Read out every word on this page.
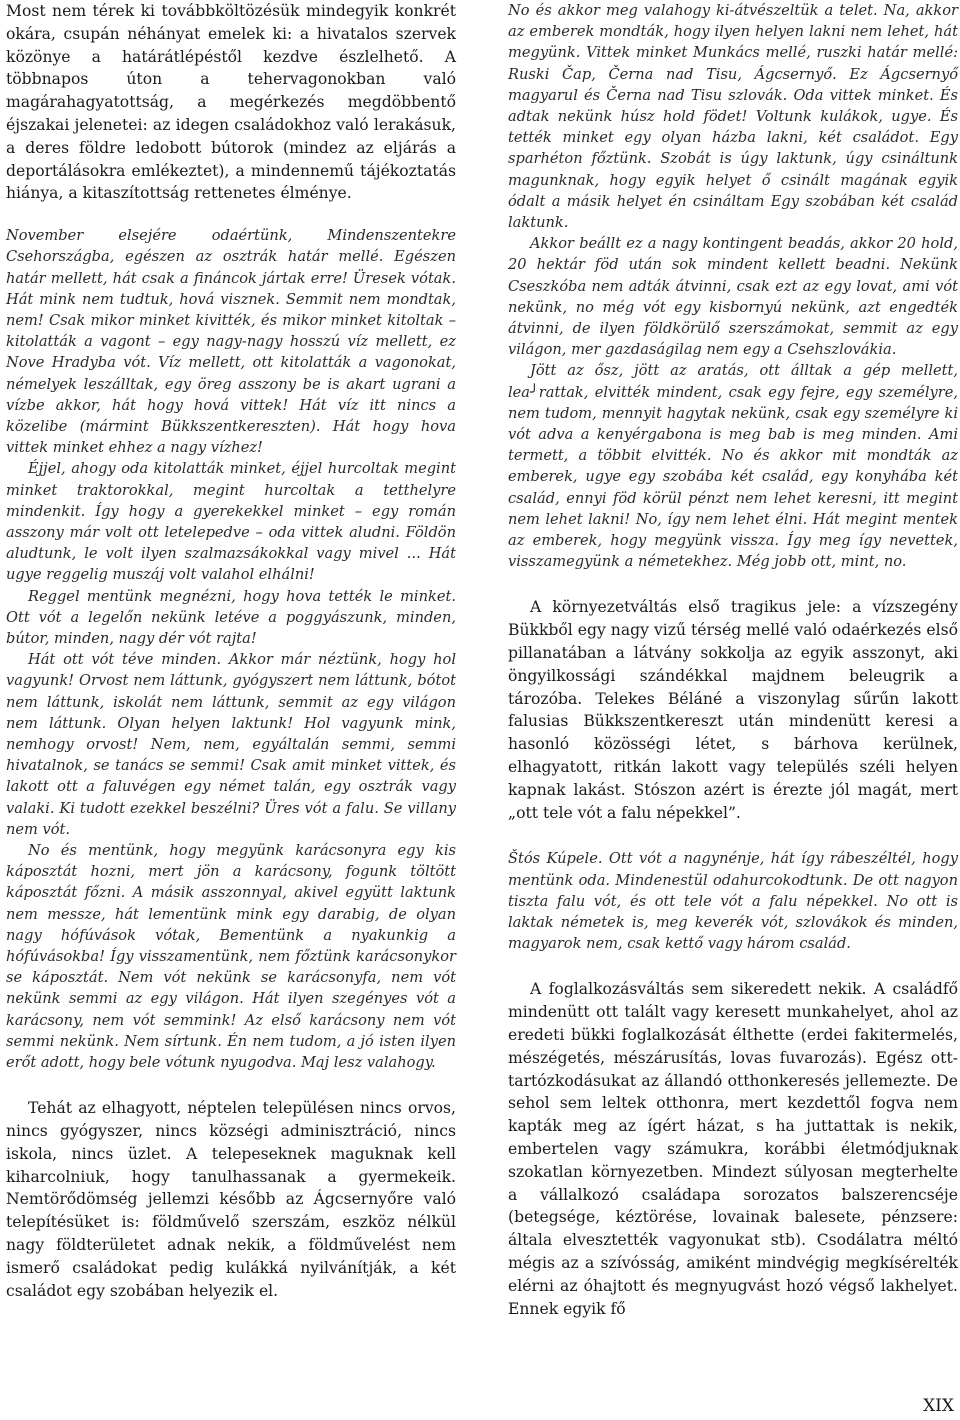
Most nem térek ki továbbköltözésük mindegyik konkrét okára, csupán néhányat emelek ki: a hivatalos szervek közönye a határátlépéstől kezdve észlelhető. A többnapos úton a tehervagonokban való magárahagyatottság, a megérkezés megdöbbentő éjszakai jelenetei: az idegen családokhoz való lerakásuk, a deres földre ledobott bútorok (mindez az eljárás a deportálásokra emlékeztet), a mindennemű tájékoztatás hiánya, a kitaszítottság rettenetes élménye.

November elsejére odaértünk, Mindenszentekre Csehországba, egészen az osztrák határ mellé. Egészen határ mellett, hát csak a fináncok jártak erre! Üresek vótak. Hát mink nem tudtuk, hová visznek. Semmit nem mondtak, nem! Csak mikor minket kivitték, és mikor minket kitoltak – kitolatták a vagont – egy nagy-nagy hosszú víz mellett, ez Nove Hradyba vót. Víz mellett, ott kitolatták a vagonokat, némelyek leszálltak, egy öreg asszony be is akart ugrani a vízbe akkor, hát hogy hová vittek! Hát víz itt nincs a közelibe (mármint Bükkszentkereszten). Hát hogy hova vittek minket ehhez a nagy vízhez!

Éjjel, ahogy oda kitolatták minket, éjjel hurcoltak megint minket traktorokkal, megint hurcoltak a tetthelyre mindenkit. Így hogy a gyerekekkel minket – egy román asszony már volt ott letelepedve – oda vittek aludni. Földön aludtunk, le volt ilyen szalmazsákokkal vagy mivel ... Hát ugye reggelig muszáj volt valahol elhálni!

Reggel mentünk megnézni, hogy hova tették le minket. Ott vót a legelőn nekünk letéve a poggyászunk, minden, bútor, minden, nagy dér vót rajta!

Hát ott vót téve minden. Akkor már néztünk, hogy hol vagyunk! Orvost nem láttunk, gyógyszert nem láttunk, bótot nem láttunk, iskolát nem láttunk, semmit az egy világon nem láttunk. Olyan helyen laktunk! Hol vagyunk mink, nemhogy orvost! Nem, nem, egyáltalán semmi, semmi hivatalnok, se tanács se semmi! Csak amit minket vittek, és lakott ott a faluvégen egy német talán, egy osztrák vagy valaki. Ki tudott ezekkel beszélni? Üres vót a falu. Se villany nem vót.

No és mentünk, hogy megyünk karácsonyra egy kis káposztát hozni, mert jön a karácsony, fogunk töltött káposztát főzni. A másik asszonnyal, akivel együtt laktunk nem messze, hát lementünk mink egy darabig, de olyan nagy hófúvások vótak, Bementünk a nyakunkig a hófúvásokba! Így visszamentünk, nem főztünk karácsonykor se káposztát. Nem vót nekünk se karácsonyfa, nem vót nekünk semmi az egy világon. Hát ilyen szegényes vót a karácsony, nem vót semmink! Az első karácsony nem vót semmi nekünk. Nem sírtunk. Én nem tudom, a jó isten ilyen erőt adott, hogy bele vótunk nyugodva. Maj lesz valahogy.

Tehát az elhagyott, néptelen településen nincs orvos, nincs gyógyszer, nincs községi adminisztráció, nincs iskola, nincs üzlet. A telepeseknek maguknak kell kiharcolniuk, hogy tanulhassanak a gyermekeik. Nemtörődömség jellemzi később az Ágcsernyőre való telepítésüket is: földművelő szerszám, eszköz nélkül nagy földterületet adnak nekik, a földművelést nem ismerő családokat pedig kulákká nyilvánítják, a két családot egy szobában helyezik el.

No és akkor meg valahogy ki-átvészeltük a telet. Na, akkor az emberek mondták, hogy ilyen helyen lakni nem lehet, hát megyünk. Vittek minket Munkács mellé, ruszki határ mellé: Ruski Čap, Černa nad Tisu, Ágcsernyő. Ez Ágcsernyő magyarul és Černa nad Tisu szlovák. Oda vittek minket. És adtak nekünk húsz hold födet! Voltunk kulákok, ugye. És tették minket egy olyan házba lakni, két családot. Egy sparhéton főztünk. Szobát is úgy laktunk, úgy csináltunk magunknak, hogy egyik helyet ő csinált magának egyik ódalt a másik helyet én csináltam Egy szobában két család laktunk.

Akkor beállt ez a nagy kontingent beadás, akkor 20 hold, 20 hektár föd után sok mindent kellett beadni. Nekünk Cseszkóba nem adták átvinni, csak ezt az egy lovat, ami vót nekünk, no még vót egy kisbornyú nekünk, azt engedték átvinni, de ilyen földkörülő szerszámokat, semmit az egy világon, mer gazdaságilag nem egy a Csehszlovákia.

Jött az ősz, jött az aratás, ott álltak a gép mellett, lea╯rattak, elvitték mindent, csak egy fejre, egy személyre, nem tudom, mennyit hagytak nekünk, csak egy személyre ki vót adva a kenyérgabona is meg bab is meg minden. Ami termett, a többit elvitték. No és akkor mit mondták az emberek, ugye egy szobába két család, egy konyhába két család, ennyi föd körül pénzt nem lehet keresni, itt megint nem lehet lakni! No, így nem lehet élni. Hát megint mentek az emberek, hogy megyünk vissza. Így meg így nevettek, visszamegyünk a németekhez. Még jobb ott, mint, no.

A környezetváltás első tragikus jele: a vízszegény Bükkből egy nagy vizű térség mellé való odaérkezés első pillanatában a látvány sokkolja az egyik asszonyt, aki öngyilkossági szándékkal majdnem beleugrik a tározóba. Telekes Béláné a viszonylag sűrűn lakott falusias Bükkszentkereszt után mindenütt keresi a hasonló közösségi létet, s bárhova kerülnek, elhagyatott, ritkán lakott vagy település széli helyen kapnak lakást. Stószon azért is érezte jól magát, mert „ott tele vót a falu népekkel”.

Štós Kúpele. Ott vót a nagynénje, hát így rábeszéltél, hogy mentünk oda. Mindenestül odahurcokodtunk. De ott nagyon tiszta falu vót, és ott tele vót a falu népekkel. No ott is laktak németek is, meg keverék vót, szlovákok és minden, magyarok nem, csak kettő vagy három család.

A foglalkozásváltás sem sikeredett nekik. A családfő mindenütt ott talált vagy keresett munkahelyet, ahol az eredeti bükki foglalkozását élthette (erdei fakitermelés, mészégetés, mészárusítás, lovas fuvarozás). Egész ott-tartózkodásukat az állandó otthonkeresés jellemezte. De sehol sem leltek otthonra, mert kezdettől fogva nem kapták meg az ígért házat, s ha juttattak is nekik, embertelen vagy számukra, korábbi életmódjuknak szokatlan környezetben. Mindezt súlyosan megterhelte a vállalkozó családapa sorozatos balszerencséje (betegsége, kéztörése, lovainak balesete, pénzsere: általa elvesztették vagyonukat stb). Csodálatra méltó mégis az a szívósság, amiként mindvégig megkísérelték elérni az óhajtott és megnyugvást hozó végső lakhelyet. Ennek egyik fő

XIX
